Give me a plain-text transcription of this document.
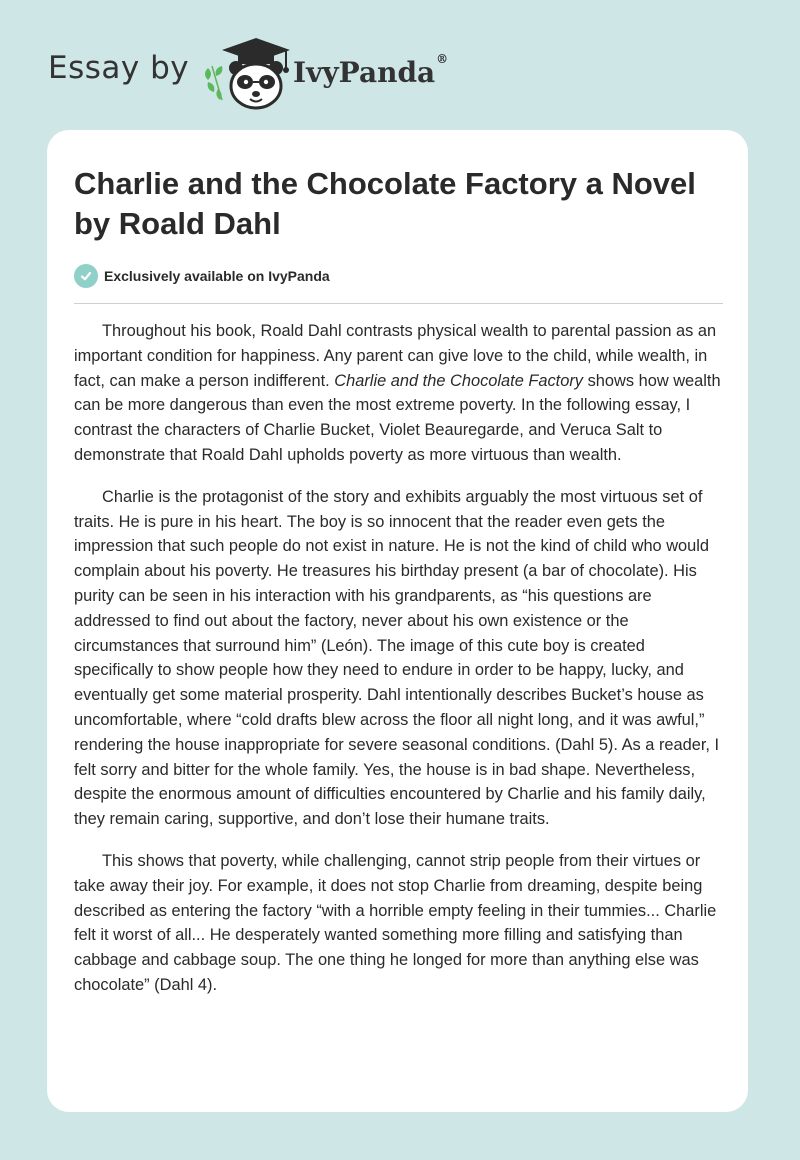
Essay by	IvyPanda®
Charlie and the Chocolate Factory a Novel by Roald Dahl
Exclusively available on IvyPanda

Throughout his book, Roald Dahl contrasts physical wealth to parental passion as an important condition for happiness. Any parent can give love to the child, while wealth, in fact, can make a person indifferent. Charlie and the Chocolate Factory shows how wealth can be more dangerous than even the most extreme poverty. In the following essay, I contrast the characters of Charlie Bucket, Violet Beauregarde, and Veruca Salt to demonstrate that Roald Dahl upholds poverty as more virtuous than wealth.

Charlie is the protagonist of the story and exhibits arguably the most virtuous set of traits. He is pure in his heart. The boy is so innocent that the reader even gets the impression that such people do not exist in nature. He is not the kind of child who would complain about his poverty. He treasures his birthday present (a bar of chocolate). His purity can be seen in his interaction with his grandparents, as “his questions are addressed to find out about the factory, never about his own existence or the circumstances that surround him” (León). The image of this cute boy is created specifically to show people how they need to endure in order to be happy, lucky, and eventually get some material prosperity. Dahl intentionally describes Bucket’s house as uncomfortable, where “cold drafts blew across the floor all night long, and it was awful,” rendering the house inappropriate for severe seasonal conditions. (Dahl 5). As a reader, I felt sorry and bitter for the whole family. Yes, the house is in bad shape. Nevertheless, despite the enormous amount of difficulties encountered by Charlie and his family daily, they remain caring, supportive, and don’t lose their humane traits.

This shows that poverty, while challenging, cannot strip people from their virtues or take away their joy. For example, it does not stop Charlie from dreaming, despite being described as entering the factory “with a horrible empty feeling in their tummies... Charlie felt it worst of all... He desperately wanted something more filling and satisfying than cabbage and cabbage soup. The one thing he longed for more than anything else was chocolate” (Dahl 4).
